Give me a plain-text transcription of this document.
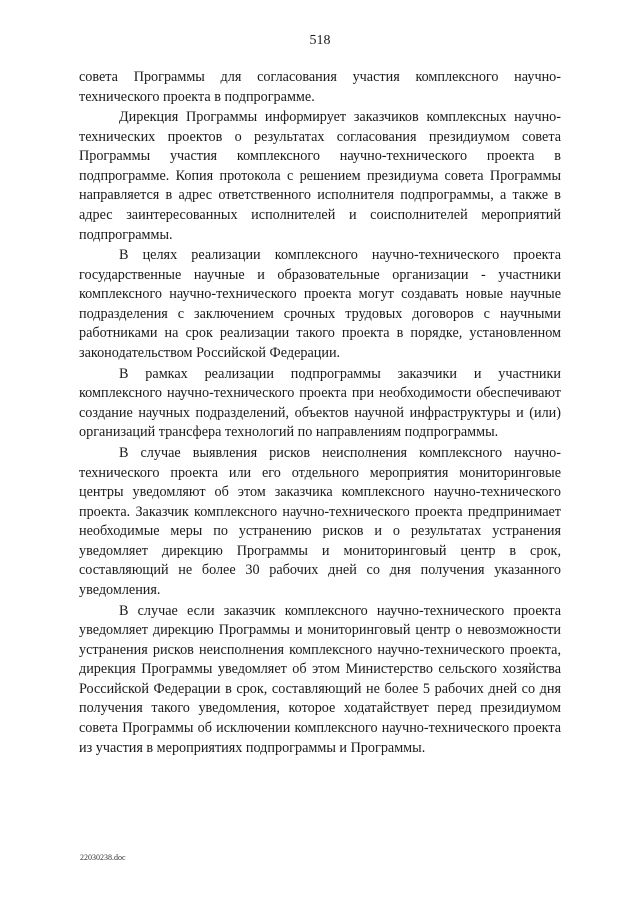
518

совета Программы для согласования участия комплексного научно-технического проекта в подпрограмме.

Дирекция Программы информирует заказчиков комплексных научно-технических проектов о результатах согласования президиумом совета Программы участия комплексного научно-технического проекта в подпрограмме. Копия протокола с решением президиума совета Программы направляется в адрес ответственного исполнителя подпрограммы, а также в адрес заинтересованных исполнителей и соисполнителей мероприятий подпрограммы.

В целях реализации комплексного научно-технического проекта государственные научные и образовательные организации - участники комплексного научно-технического проекта могут создавать новые научные подразделения с заключением срочных трудовых договоров с научными работниками на срок реализации такого проекта в порядке, установленном законодательством Российской Федерации.

В рамках реализации подпрограммы заказчики и участники комплексного научно-технического проекта при необходимости обеспечивают создание научных подразделений, объектов научной инфраструктуры и (или) организаций трансфера технологий по направлениям подпрограммы.

В случае выявления рисков неисполнения комплексного научно-технического проекта или его отдельного мероприятия мониторинговые центры уведомляют об этом заказчика комплексного научно-технического проекта. Заказчик комплексного научно-технического проекта предпринимает необходимые меры по устранению рисков и о результатах устранения уведомляет дирекцию Программы и мониторинговый центр в срок, составляющий не более 30 рабочих дней со дня получения указанного уведомления.

В случае если заказчик комплексного научно-технического проекта уведомляет дирекцию Программы и мониторинговый центр о невозможности устранения рисков неисполнения комплексного научно-технического проекта, дирекция Программы уведомляет об этом Министерство сельского хозяйства Российской Федерации в срок, составляющий не более 5 рабочих дней со дня получения такого уведомления, которое ходатайствует перед президиумом совета Программы об исключении комплексного научно-технического проекта из участия в мероприятиях подпрограммы и Программы.

22030238.doc
